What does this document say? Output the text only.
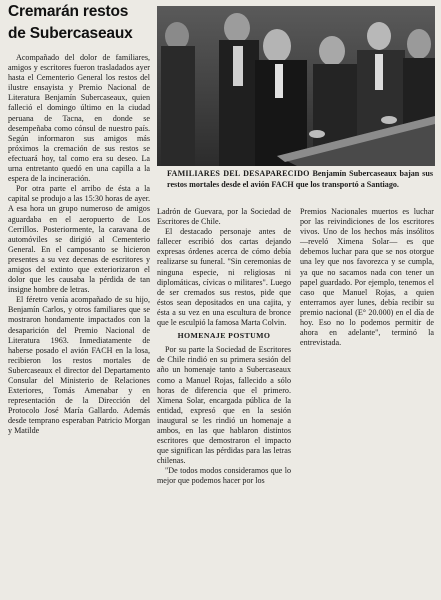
Cremarán restos
de Subercaseaux

FAMILIARES DEL DESAPARECIDO Benjamín Subercaseaux bajan sus restos mortales desde el avión FACH que los transportó a Santiago.

Acompañado del dolor de familiares, amigos y escritores fueron trasladados ayer hasta el Cementerio General los restos del ilustre ensayista y Premio Nacional de Literatura Benjamín Subercaseaux, quien falleció el domingo último en la ciudad peruana de Tacna, en donde se desempeñaba como cónsul de nuestro país. Según informaron sus amigos más próximos la cremación de sus restos se efectuará hoy, tal como era su deseo. La urna entretanto quedó en una capilla a la espera de la incineración.

Por otra parte el arribo de ésta a la capital se produjo a las 15:30 horas de ayer. A esa hora un grupo numeroso de amigos aguardaba en el aeropuerto de Los Cerrillos. Posteriormente, la caravana de automóviles se dirigió al Cementerio General. En el camposanto se hicieron presentes a su vez decenas de escritores y amigos del extinto que exteriorizaron el dolor que les causaba la pérdida de tan insigne hombre de letras.

El féretro venía acompañado de su hijo, Benjamín Carlos, y otros familiares que se mostraron hondamente impactados con la desaparición del Premio Nacional de Literatura 1963. Inmediatamente de haberse posado el avión FACH en la losa, recibieron los restos mortales de Subercaseaux el director del Departamento Consular del Ministerio de Relaciones Exteriores, Tomás Amenabar y en representación de la Dirección del Protocolo José María Gallardo. Además desde temprano esperaban Patricio Morgan y Matilde

Ladrón de Guevara, por la Sociedad de Escritores de Chile.

El destacado personaje antes de fallecer escribió dos cartas dejando expresas órdenes acerca de cómo debía realizarse su funeral. "Sin ceremonias de ninguna especie, ni religiosas ni diplomáticas, cívicas o militares". Luego de ser cremados sus restos, pide que éstos sean depositados en una cajita, y ésta a su vez en una escultura de bronce que le esculpió la famosa Marta Colvin.

HOMENAJE POSTUMO

Por su parte la Sociedad de Escritores de Chile rindió en su primera sesión del año un homenaje tanto a Subercaseaux como a Manuel Rojas, fallecido a sólo horas de diferencia que el primero. Ximena Solar, encargada pública de la entidad, expresó que en la sesión inaugural se les rindió un homenaje a ambos, en las que hablaron distintos escritores que demostraron el impacto que significan las pérdidas para las letras chilenas.

"De todos modos consideramos que lo mejor que podemos hacer por los

Premios Nacionales muertos es luchar por las reivindiciones de los escritores vivos. Uno de los hechos más insólitos —reveló Ximena Solar— es que debemos luchar para que se nos otorgue una ley que nos favorezca y se cumpla, ya que no sacamos nada con tener un papel guardado. Por ejemplo, tenemos el caso que Manuel Rojas, a quien enterramos ayer lunes, debía recibir su premio nacional (E° 20.000) en el día de hoy. Eso no lo podemos permitir de ahora en adelante", terminó la entrevistada.
